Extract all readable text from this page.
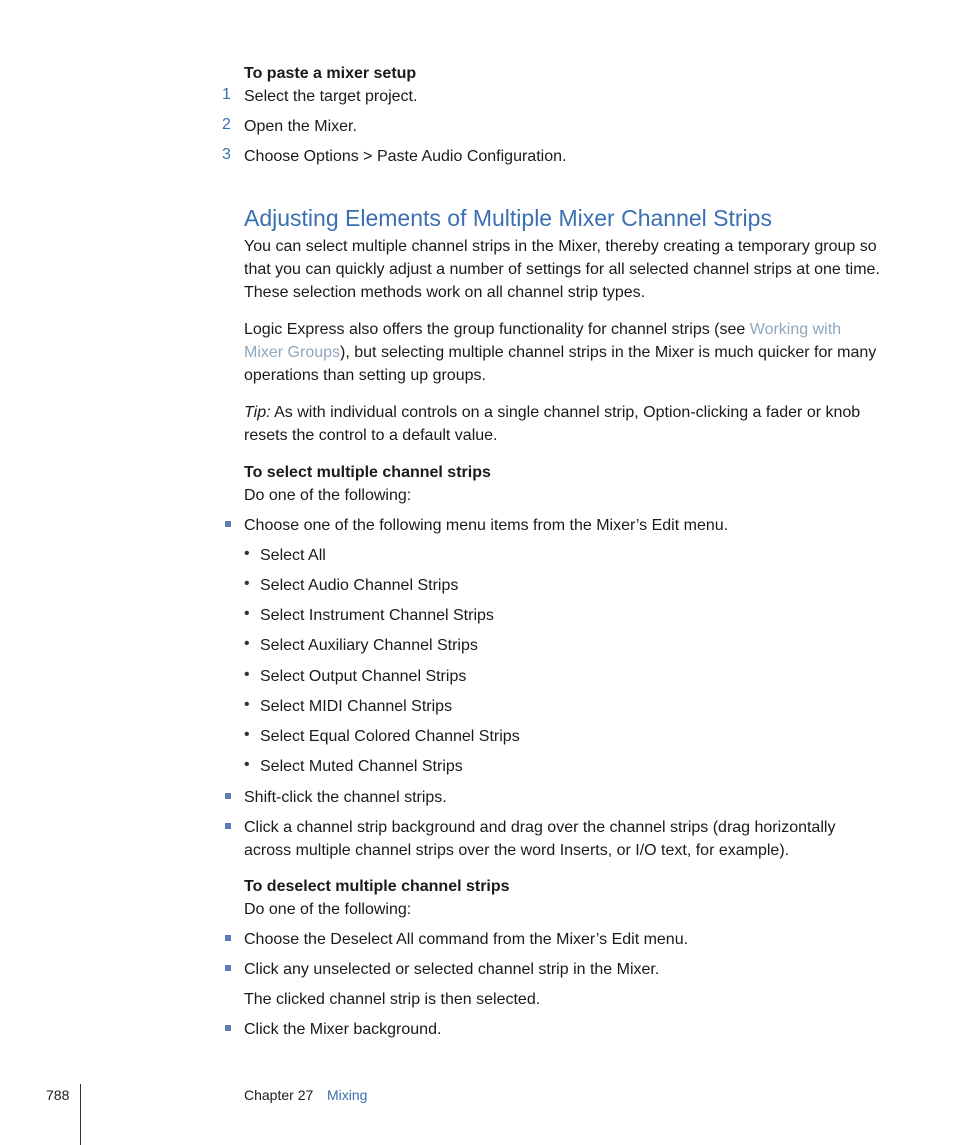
To paste a mixer setup
1 Select the target project.
2 Open the Mixer.
3 Choose Options > Paste Audio Configuration.
Adjusting Elements of Multiple Mixer Channel Strips
You can select multiple channel strips in the Mixer, thereby creating a temporary group so that you can quickly adjust a number of settings for all selected channel strips at one time. These selection methods work on all channel strip types.
Logic Express also offers the group functionality for channel strips (see Working with Mixer Groups), but selecting multiple channel strips in the Mixer is much quicker for many operations than setting up groups.
Tip: As with individual controls on a single channel strip, Option-clicking a fader or knob resets the control to a default value.
To select multiple channel strips
Do one of the following:
Choose one of the following menu items from the Mixer’s Edit menu.
• Select All
• Select Audio Channel Strips
• Select Instrument Channel Strips
• Select Auxiliary Channel Strips
• Select Output Channel Strips
• Select MIDI Channel Strips
• Select Equal Colored Channel Strips
• Select Muted Channel Strips
Shift-click the channel strips.
Click a channel strip background and drag over the channel strips (drag horizontally
across multiple channel strips over the word Inserts, or I/O text, for example).
To deselect multiple channel strips
Do one of the following:
Choose the Deselect All command from the Mixer’s Edit menu.
Click any unselected or selected channel strip in the Mixer.
The clicked channel strip is then selected.
Click the Mixer background.
788	Chapter 27 Mixing
